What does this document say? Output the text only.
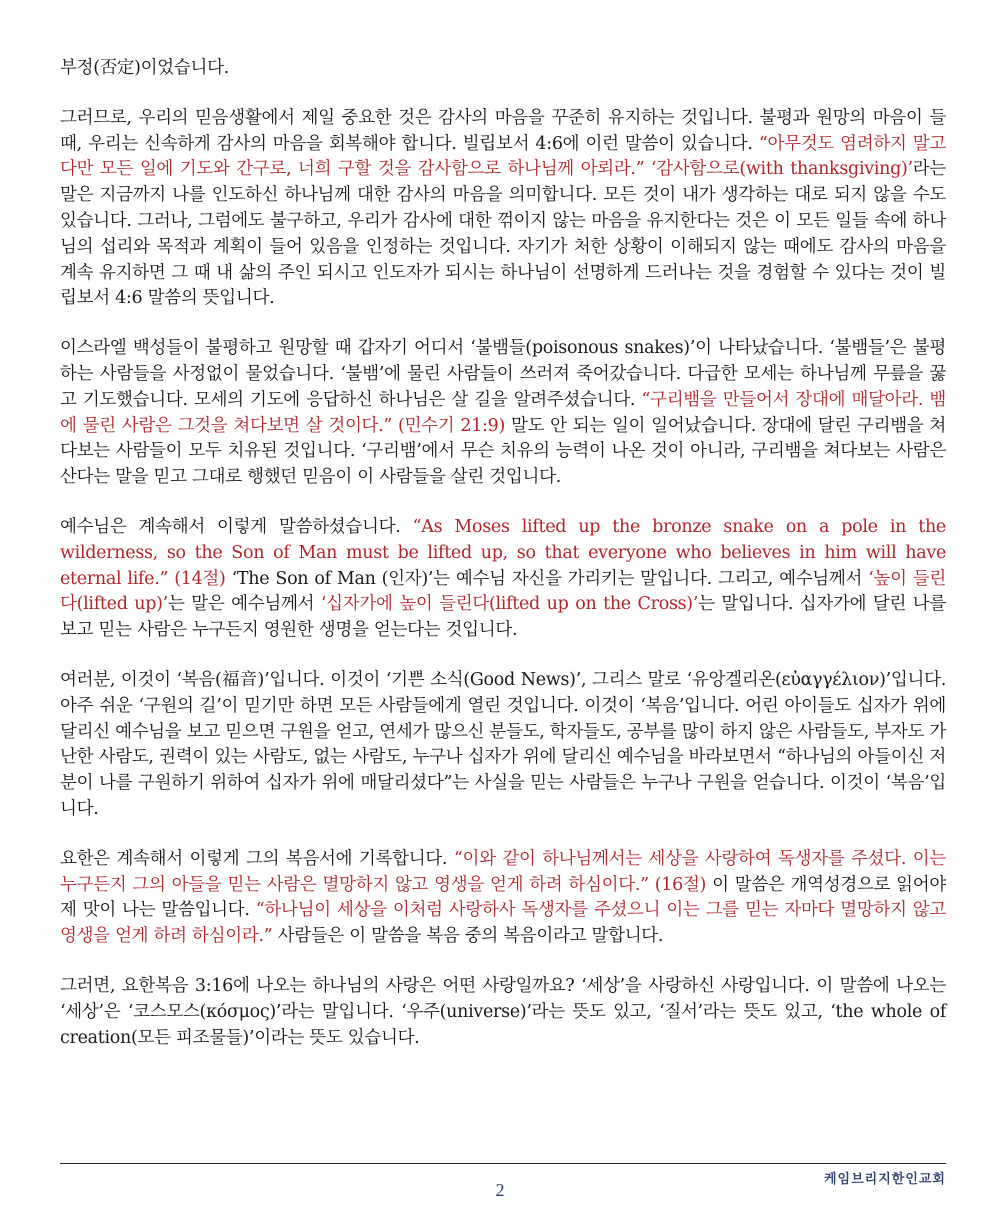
부정(否定)이었습니다.

그러므로, 우리의 믿음생활에서 제일 중요한 것은 감사의 마음을 꾸준히 유지하는 것입니다. 불평과 원망의 마음이 들 때, 우리는 신속하게 감사의 마음을 회복해야 합니다. 빌립보서 4:6에 이런 말씀이 있습니다. “아무것도 염려하지 말고 다만 모든 일에 기도와 간구로, 너희 구할 것을 감사함으로 하나님께 아뢰라.” ‘감사함으로(with thanksgiving)’라는 말은 지금까지 나를 인도하신 하나님께 대한 감사의 마음을 의미합니다. 모든 것이 내가 생각하는 대로 되지 않을 수도 있습니다. 그러나, 그럼에도 불구하고, 우리가 감사에 대한 꺾이지 않는 마음을 유지한다는 것은 이 모든 일들 속에 하나님의 섭리와 목적과 계획이 들어 있음을 인정하는 것입니다. 자기가 처한 상황이 이해되지 않는 때에도 감사의 마음을 계속 유지하면 그 때 내 삶의 주인 되시고 인도자가 되시는 하나님이 선명하게 드러나는 것을 경험할 수 있다는 것이 빌립보서 4:6 말씀의 뜻입니다.

이스라엘 백성들이 불평하고 원망할 때 갑자기 어디서 ‘불뱀들(poisonous snakes)’이 나타났습니다. ‘불뱀들’은 불평하는 사람들을 사정없이 물었습니다. ‘불뱀’에 물린 사람들이 쓰러져 죽어갔습니다. 다급한 모세는 하나님께 무릎을 꿇고 기도했습니다. 모세의 기도에 응답하신 하나님은 살 길을 알려주셨습니다. “구리뱀을 만들어서 장대에 매달아라. 뱀에 물린 사람은 그것을 쳐다보면 살 것이다.” (민수기 21:9) 말도 안 되는 일이 일어났습니다. 장대에 달린 구리뱀을 쳐다보는 사람들이 모두 치유된 것입니다. ‘구리뱀’에서 무슨 치유의 능력이 나온 것이 아니라, 구리뱀을 쳐다보는 사람은 산다는 말을 믿고 그대로 행했던 믿음이 이 사람들을 살린 것입니다.

예수님은 계속해서 이렇게 말씀하셨습니다. “As Moses lifted up the bronze snake on a pole in the wilderness, so the Son of Man must be lifted up, so that everyone who believes in him will have eternal life.” (14절) ‘The Son of Man (인자)’는 예수님 자신을 가리키는 말입니다. 그리고, 예수님께서 ‘높이 들린다(lifted up)’는 말은 예수님께서 ‘십자가에 높이 들린다(lifted up on the Cross)’는 말입니다. 십자가에 달린 나를 보고 믿는 사람은 누구든지 영원한 생명을 얻는다는 것입니다.

여러분, 이것이 ‘복음(福音)’입니다. 이것이 ‘기쁜 소식(Good News)’, 그리스 말로 ‘유앙겔리온(εὐαγγέλιον)’입니다. 아주 쉬운 ‘구원의 길’이 믿기만 하면 모든 사람들에게 열린 것입니다. 이것이 ‘복음’입니다. 어린 아이들도 십자가 위에 달리신 예수님을 보고 믿으면 구원을 얻고, 연세가 많으신 분들도, 학자들도, 공부를 많이 하지 않은 사람들도, 부자도 가난한 사람도, 권력이 있는 사람도, 없는 사람도, 누구나 십자가 위에 달리신 예수님을 바라보면서 “하나님의 아들이신 저 분이 나를 구원하기 위하여 십자가 위에 매달리셨다”는 사실을 믿는 사람들은 누구나 구원을 얻습니다. 이것이 ‘복음’입니다.

요한은 계속해서 이렇게 그의 복음서에 기록합니다. “이와 같이 하나님께서는 세상을 사랑하여 독생자를 주셨다. 이는 누구든지 그의 아들을 믿는 사람은 멸망하지 않고 영생을 얻게 하려 하심이다.” (16절) 이 말씀은 개역성경으로 읽어야 제 맛이 나는 말씀입니다. “하나님이 세상을 이처럼 사랑하사 독생자를 주셨으니 이는 그를 믿는 자마다 멸망하지 않고 영생을 얻게 하려 하심이라.” 사람들은 이 말씀을 복음 중의 복음이라고 말합니다.

그러면, 요한복음 3:16에 나오는 하나님의 사랑은 어떤 사랑일까요? ‘세상’을 사랑하신 사랑입니다. 이 말씀에 나오는 ‘세상’은 ‘코스모스(κόσμος)’라는 말입니다. ‘우주(universe)’라는 뜻도 있고, ‘질서’라는 뜻도 있고, ‘the whole of creation(모든 피조물들)’이라는 뜻도 있습니다.

케임브리지한인교회
2
